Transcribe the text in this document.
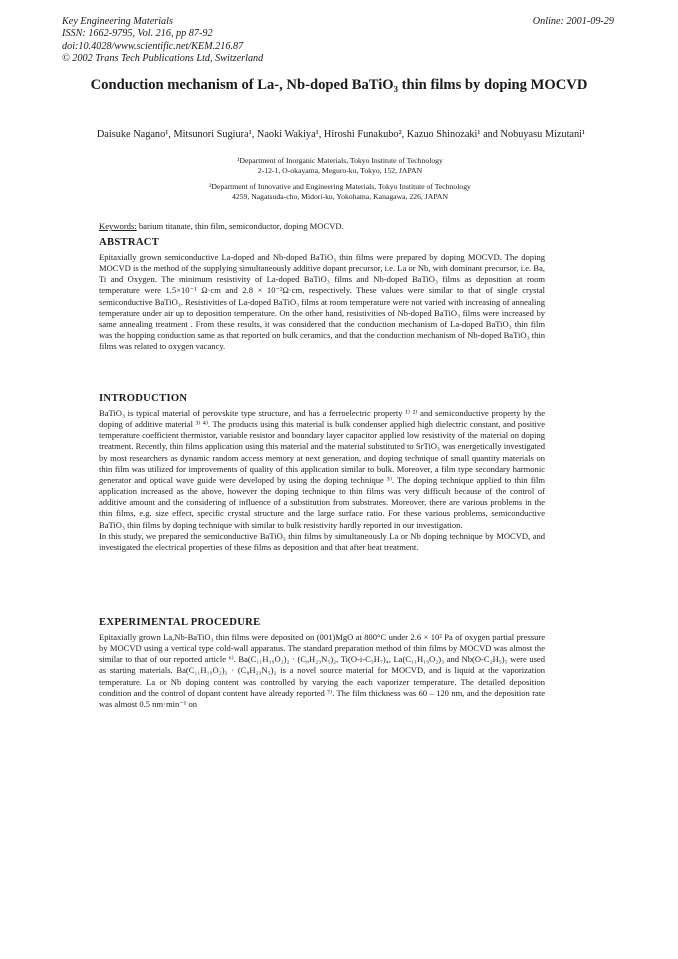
Key Engineering Materials
ISSN: 1662-9795, Vol. 216, pp 87-92
doi:10.4028/www.scientific.net/KEM.216.87
© 2002 Trans Tech Publications Ltd, Switzerland
Online: 2001-09-29
Conduction mechanism of La-, Nb-doped BaTiO₃ thin films by doping MOCVD
Daisuke Nagano¹, Mitsunori Sugiura¹, Naoki Wakiya¹, Hiroshi Funakubo², Kazuo Shinozaki¹ and Nobuyasu Mizutani¹
¹Department of Inorganic Materials, Tokyo Institute of Technology
2-12-1, O-okayama, Meguro-ku, Tokyo, 152, JAPAN
²Department of Innovative and Engineering Materials, Tokyo Institute of Technology
4259, Nagatsuda-cho, Midori-ku, Yokohama, Kanagawa, 226, JAPAN
Keywords: barium titanate, thin film, semiconductor, doping MOCVD.
ABSTRACT

Epitaxially grown semiconductive La-doped and Nb-doped BaTiO₃ thin films were prepared by doping MOCVD. The doping MOCVD is the method of the supplying simultaneously additive dopant precursor, i.e. La or Nb, with dominant precursor, i.e. Ba, Ti and Oxygen. The minimum resistivity of La-doped BaTiO₃ films and Nb-doped BaTiO₃ films as deposition at room temperature were 1.5×10⁻¹ Ω·cm and 2.8 × 10⁻²Ω·cm, respectively. These values were similar to that of single crystal semiconductive BaTiO₃. Resistivities of La-doped BaTiO₃ films at room temperature were not varied with increasing of annealing temperature under air up to deposition temperature. On the other hand, resistivities of Nb-doped BaTiO₃ films were increased by same annealing treatment . From these results, it was considered that the conduction mechanism of La-doped BaTiO₃ thin film was the hopping conduction same as that reported on bulk ceramics, and that the conduction mechanism of Nb-doped BaTiO₃ thin films was related to oxygen vacancy.

INTRODUCTION

BaTiO₃ is typical material of perovskite type structure, and has a ferroelectric property ¹⁾ ²⁾ and semiconductive property by the doping of additive material ³⁾ ⁴⁾. The products using this material is bulk condenser applied high dielectric constant, and positive temperature coefficient thermistor, variable resistor and boundary layer capacitor applied low resistivity of the material on doping treatment. Recently, thin films application using this material and the material substituted to SrTiO₃ was energetically investigated by most researchers as dynamic random access memory at next generation, and doping technique of small quantity materials on thin film was utilized for improvements of quality of this application similar to bulk. Moreover, a film type secondary harmonic generator and optical wave guide were developed by using the doping technique ⁵⁾. The doping technique applied to thin film application increased as the above, however the doping technique to thin films was very difficult because of the control of additive amount and the considering of influence of a substitution from substrates. Moreover, there are various problems in the thin films, e.g. size effect, specific crystal structure and the large surface ratio. For these various problems, semiconductive BaTiO₃ thin films by doping technique with similar to bulk resistivity hardly reported in our investigation.

In this study, we prepared the semiconductive BaTiO₃ thin films by simultaneously La or Nb doping technique by MOCVD, and investigated the electrical properties of these films as deposition and that after heat treatment.

EXPERIMENTAL PROCEDURE

Epitaxially grown La,Nb-BaTiO₃ thin films were deposited on (001)MgO at 800°C under 2.6 × 10² Pa of oxygen partial pressure by MOCVD using a vertical type cold-wall apparatus. The standard preparation method of thin films by MOCVD was almost the similar to that of our reported article ⁶⁾. Ba(C₁₁H₁₉O₂)₂ · (C₈H₂₃N₅)₂, Ti(O-i-C₃H₇)₄, La(C₁₁H₁₉O₂)₃ and Nb(O-C₂H₅)₅ were used as starting materials. Ba(C₁₁H₁₉O₂)₂ · (C₈H₂₃N₅)₂ is a novel source material for MOCVD, and is liquid at the vaporization temperature. La or Nb doping content was controlled by varying the each vaporizer temperature. The detailed deposition condition and the control of dopant content have already reported ⁷⁾. The film thickness was 60 – 120 nm, and the deposition rate was almost 0.5 nm·min⁻¹ on
